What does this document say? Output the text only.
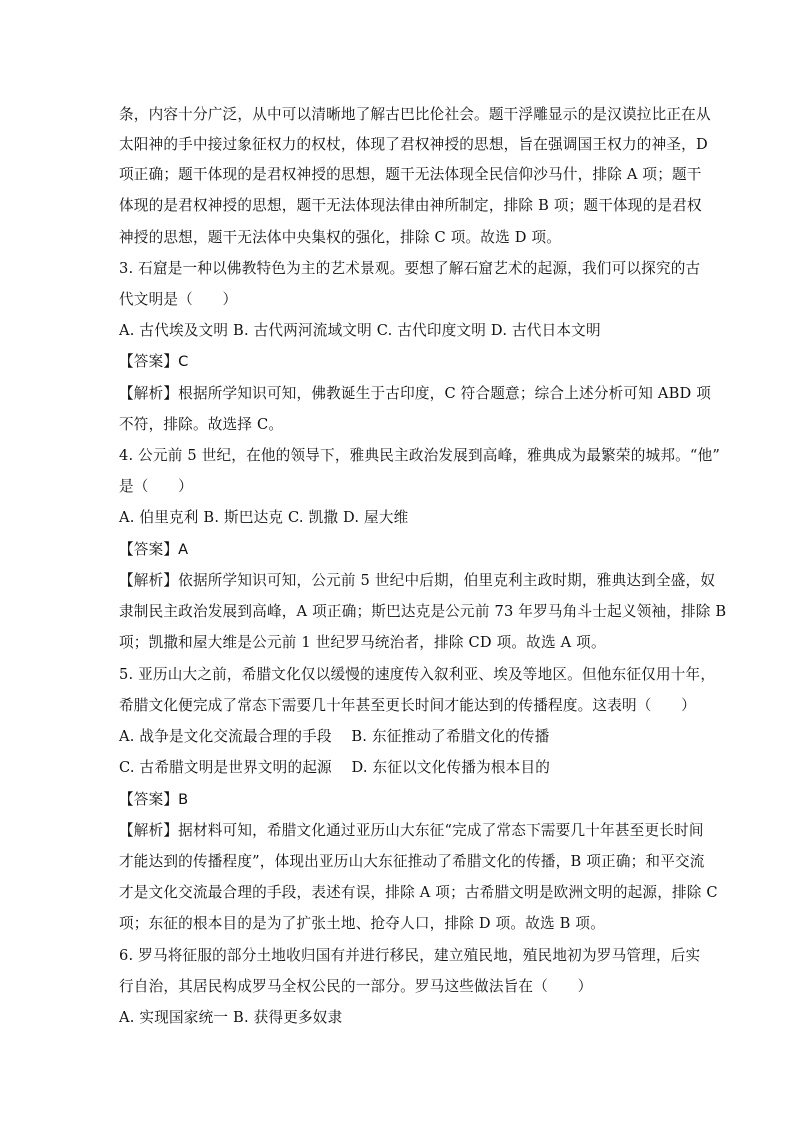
条，内容十分广泛，从中可以清晰地了解古巴比伦社会。题干浮雕显示的是汉谟拉比正在从
太阳神的手中接过象征权力的权杖，体现了君权神授的思想，旨在强调国王权力的神圣，D
项正确；题干体现的是君权神授的思想，题干无法体现全民信仰沙马什，排除 A 项；题干
体现的是君权神授的思想，题干无法体现法律由神所制定，排除 B 项；题干体现的是君权
神授的思想，题干无法体中央集权的强化，排除 C 项。故选 D 项。
3. 石窟是一种以佛教特色为主的艺术景观。要想了解石窟艺术的起源，我们可以探究的古
代文明是（　　）
A. 古代埃及文明 B. 古代两河流域文明 C. 古代印度文明 D. 古代日本文明
【答案】C
【解析】根据所学知识可知，佛教诞生于古印度，C 符合题意；综合上述分析可知 ABD 项
不符，排除。故选择 C。
4. 公元前 5 世纪，在他的领导下，雅典民主政治发展到高峰，雅典成为最繁荣的城邦。“他”
是（　　）
A. 伯里克利 B. 斯巴达克 C. 凯撒 D. 屋大维
【答案】A
【解析】依据所学知识可知，公元前 5 世纪中后期，伯里克利主政时期，雅典达到全盛，奴
隶制民主政治发展到高峰，A 项正确；斯巴达克是公元前 73 年罗马角斗士起义领袖，排除 B
项；凯撒和屋大维是公元前 1 世纪罗马统治者，排除 CD 项。故选 A 项。
5. 亚历山大之前，希腊文化仅以缓慢的速度传入叙利亚、埃及等地区。但他东征仅用十年，
希腊文化便完成了常态下需要几十年甚至更长时间才能达到的传播程度。这表明（　　）
A. 战争是文化交流最合理的手段　 B. 东征推动了希腊文化的传播
C. 古希腊文明是世界文明的起源　 D. 东征以文化传播为根本目的
【答案】B
【解析】据材料可知，希腊文化通过亚历山大东征“完成了常态下需要几十年甚至更长时间
才能达到的传播程度”，体现出亚历山大东征推动了希腊文化的传播，B 项正确；和平交流
才是文化交流最合理的手段，表述有误，排除 A 项；古希腊文明是欧洲文明的起源，排除 C
项；东征的根本目的是为了扩张土地、抢夺人口，排除 D 项。故选 B 项。
6. 罗马将征服的部分土地收归国有并进行移民，建立殖民地，殖民地初为罗马管理，后实
行自治，其居民构成罗马全权公民的一部分。罗马这些做法旨在（　　）
A. 实现国家统一 B. 获得更多奴隶
